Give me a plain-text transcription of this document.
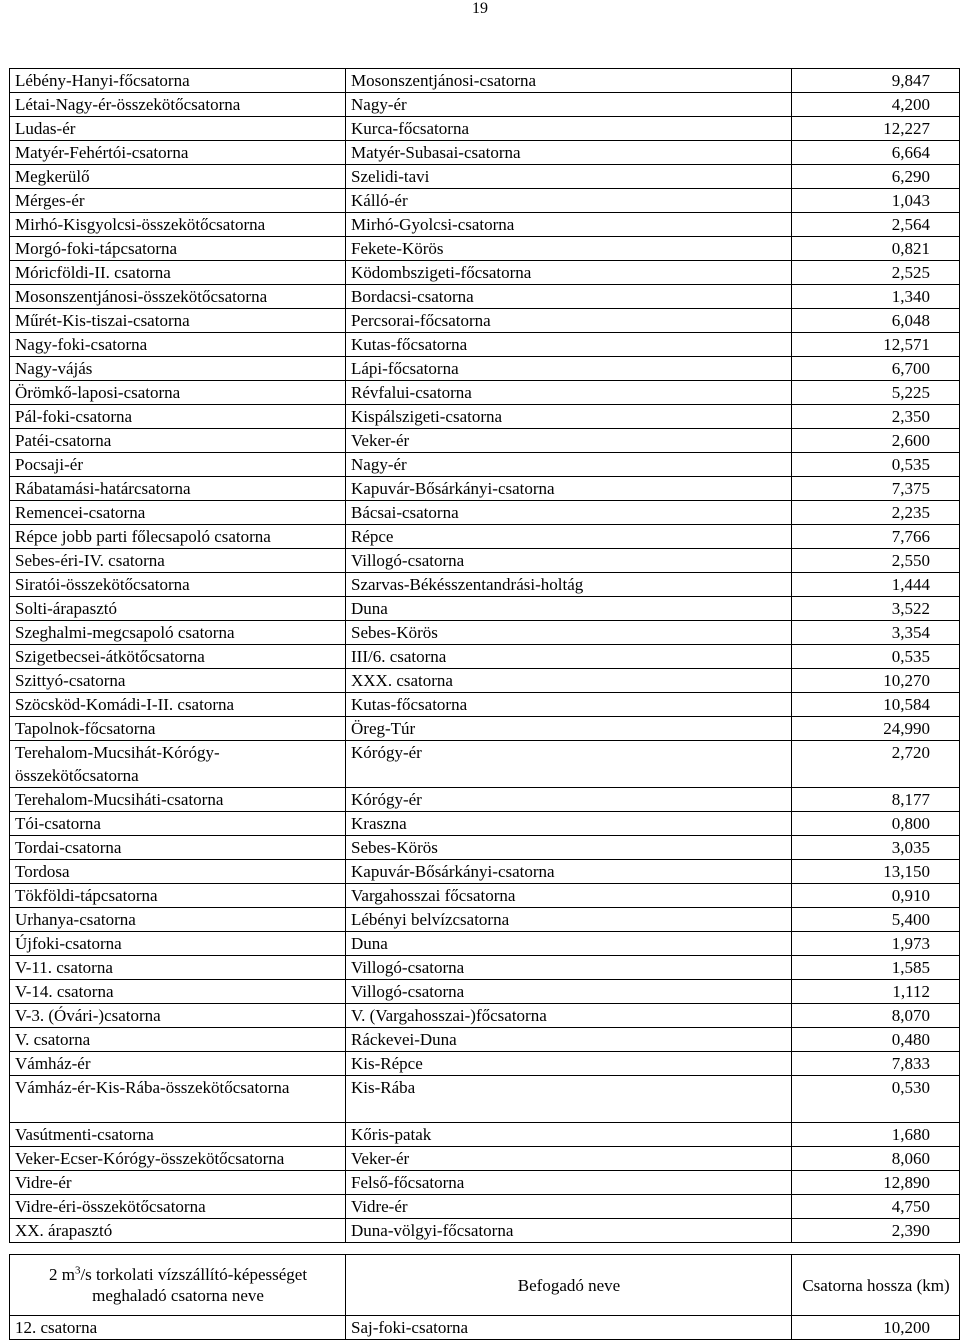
19
Lébény-Hanyi-főcsatorna	Mosonszentjánosi-csatorna	9,847
Létai-Nagy-ér-összekötőcsatorna	Nagy-ér	4,200
Ludas-ér	Kurca-főcsatorna	12,227
Matyér-Fehértói-csatorna	Matyér-Subasai-csatorna	6,664
Megkerülő	Szelidi-tavi	6,290
Mérges-ér	Kálló-ér	1,043
Mirhó-Kisgyolcsi-összekötőcsatorna	Mirhó-Gyolcsi-csatorna	2,564
Morgó-foki-tápcsatorna	Fekete-Körös	0,821
Móricföldi-II. csatorna	Ködombszigeti-főcsatorna	2,525
Mosonszentjánosi-összekötőcsatorna	Bordacsi-csatorna	1,340
Műrét-Kis-tiszai-csatorna	Percsorai-főcsatorna	6,048
Nagy-foki-csatorna	Kutas-főcsatorna	12,571
Nagy-vájás	Lápi-főcsatorna	6,700
Örömkő-laposi-csatorna	Révfalui-csatorna	5,225
Pál-foki-csatorna	Kispálszigeti-csatorna	2,350
Patéi-csatorna	Veker-ér	2,600
Pocsaji-ér	Nagy-ér	0,535
Rábatamási-határcsatorna	Kapuvár-Bősárkányi-csatorna	7,375
Remencei-csatorna	Bácsai-csatorna	2,235
Répce jobb parti főlecsapoló csatorna	Répce	7,766
Sebes-éri-IV. csatorna	Villogó-csatorna	2,550
Siratói-összekötőcsatorna	Szarvas-Békésszentandrási-holtág	1,444
Solti-árapasztó	Duna	3,522
Szeghalmi-megcsapoló csatorna	Sebes-Körös	3,354
Szigetbecsei-átkötőcsatorna	III/6. csatorna	0,535
Szittyó-csatorna	XXX. csatorna	10,270
Szöcsköd-Komádi-I-II. csatorna	Kutas-főcsatorna	10,584
Tapolnok-főcsatorna	Öreg-Túr	24,990
Terehalom-Mucsihát-Kórógy-összekötőcsatorna	Kórógy-ér	2,720
Terehalom-Mucsiháti-csatorna	Kórógy-ér	8,177
Tói-csatorna	Kraszna	0,800
Tordai-csatorna	Sebes-Körös	3,035
Tordosa	Kapuvár-Bősárkányi-csatorna	13,150
Tökföldi-tápcsatorna	Vargahosszai főcsatorna	0,910
Urhanya-csatorna	Lébényi belvízcsatorna	5,400
Újfoki-csatorna	Duna	1,973
V-11. csatorna	Villogó-csatorna	1,585
V-14. csatorna	Villogó-csatorna	1,112
V-3. (Óvári-)csatorna	V. (Vargahosszai-)főcsatorna	8,070
V. csatorna	Ráckevei-Duna	0,480
Vámház-ér	Kis-Répce	7,833
Vámház-ér-Kis-Rába-összekötőcsatorna	Kis-Rába	0,530
Vasútmenti-csatorna	Kőris-patak	1,680
Veker-Ecser-Kórógy-összekötőcsatorna	Veker-ér	8,060
Vidre-ér	Felső-főcsatorna	12,890
Vidre-éri-összekötőcsatorna	Vidre-ér	4,750
XX. árapasztó	Duna-völgyi-főcsatorna	2,390
2 $m^3/s$ torkolati vízszállító-képességet meghaladó csatorna neve	Befogadó neve	Csatorna hossza (km)
12. csatorna	Saj-foki-csatorna	10,200
